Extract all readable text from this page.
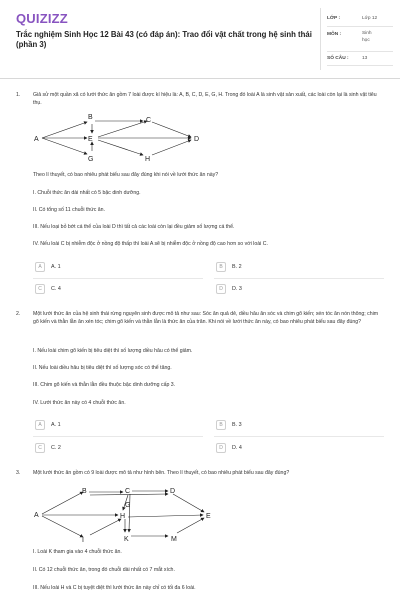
QUIZIZZ
Trắc nghiệm Sinh Học 12 Bài 43 (có đáp án): Trao đổi vật chất trong hệ sinh thái (phần 3)
LỚP :	Lớp 12
MÔN :	Sinh học
SỐ CÂU :	13
1. Giả sử một quần xã có lưới thức ăn gồm 7 loài được kí hiệu là: A, B, C, D, E, G, H. Trong đó loài A là sinh vật sản xuất, các loài còn lại là sinh vật tiêu thụ.
A
B	C
D
E
G	H
Theo lí thuyết, có bao nhiêu phát biểu sau đây đúng khi nói về lưới thức ăn này?
I. Chuỗi thức ăn dài nhất có 5 bậc dinh dưỡng.
II. Có tổng số 11 chuỗi thức ăn.
III. Nếu loại bỏ bớt cá thể của loài D thì tất cả các loài còn lại đều giảm số lượng cá thể.
IV. Nếu loài C bị nhiễm độc ở nồng độ thấp thì loài A sẽ bị nhiễm độc ở nồng độ cao hơn so với loài C.
A	A. 1	B	B. 2
C	C. 4	D	D. 3
2. Một lưới thức ăn của hệ sinh thái rừng nguyên sinh được mô tả như sau: Sóc ăn quả dẻ, diều hâu ăn sóc và chim gõ kiến; xén tóc ăn nón thông; chim gõ kiến và thằn lằn ăn xén tóc; chim gõ kiến và thằn lằn là thức ăn của trăn. Khi nói về lưới thức ăn này, có bao nhiêu phát biểu sau đây đúng?
I. Nếu loài chim gõ kiến bị tiêu diệt thì số lượng diều hâu có thể giảm.
II. Nếu loài diều hâu bị tiêu diệt thì số lượng sóc có thể tăng.
III. Chim gõ kiến và thằn lằn đều thuộc bậc dinh dưỡng cấp 3.
IV. Lưới thức ăn này có 4 chuỗi thức ăn.
A	A. 1	B	B. 3
C	C. 2	D	D. 4
3. Một lưới thức ăn gồm có 9 loài được mô tả như hình bên. Theo lí thuyết, có bao nhiêu phát biểu sau đây đúng?
A
B	C	D
E
G
H
I	K	M
I. Loài K tham gia vào 4 chuỗi thức ăn.
II. Có 12 chuỗi thức ăn, trong đó chuỗi dài nhất có 7 mắt xích.
III. Nếu loài H và C bị tuyệt diệt thì lưới thức ăn này chỉ có tối đa 6 loài.
